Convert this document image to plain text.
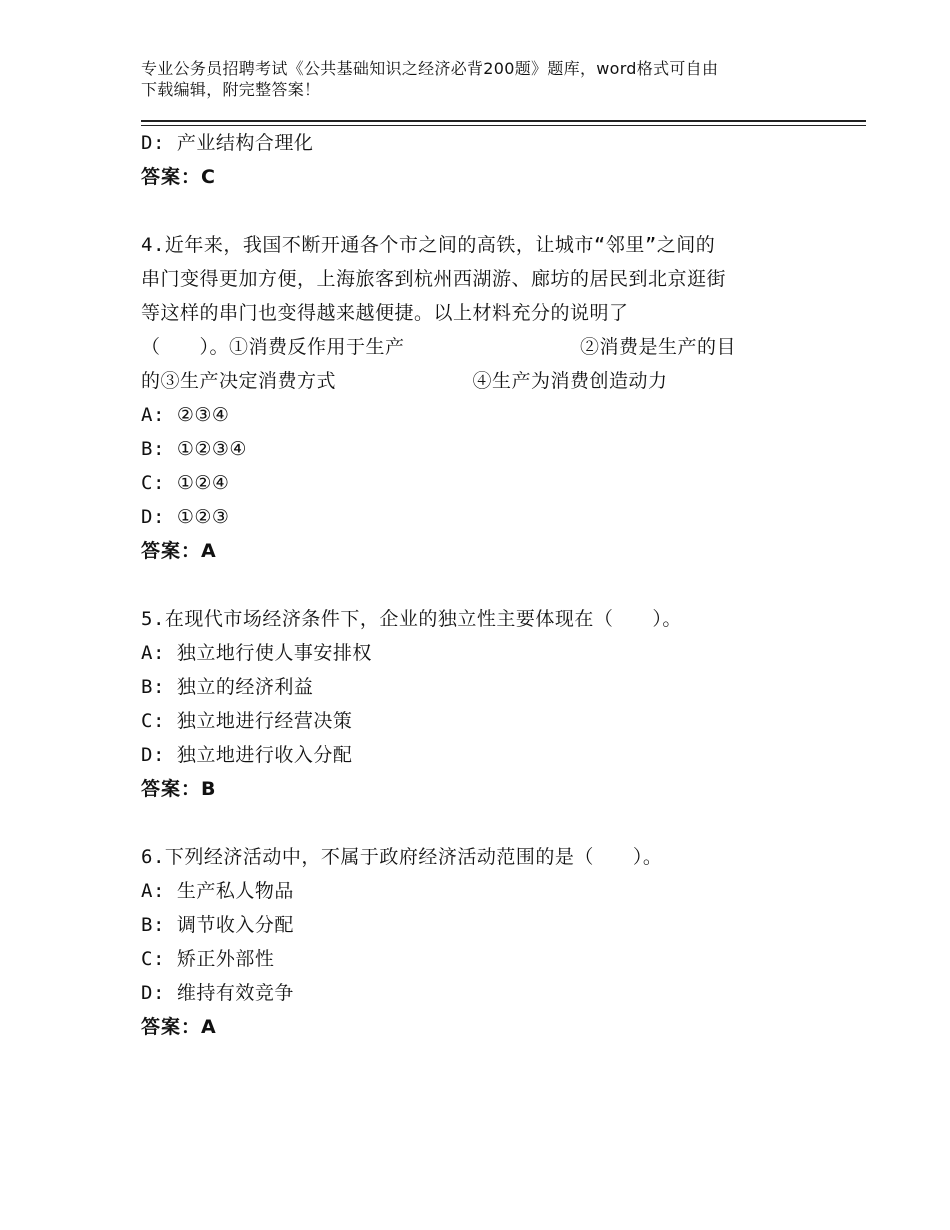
专业公务员招聘考试《公共基础知识之经济必背200题》题库，word格式可自由
下载编辑，附完整答案！
D: 产业结构合理化
答案：C
4.近年来，我国不断开通各个市之间的高铁，让城市“邻里”之间的
串门变得更加方便，上海旅客到杭州西湖游、廊坊的居民到北京逛街
等这样的串门也变得越来越便捷。以上材料充分的说明了
（　　）。①消费反作用于生产　　　　　　　　　②消费是生产的目
的③生产决定消费方式　　　　　　　④生产为消费创造动力
A: ②③④
B: ①②③④
C: ①②④
D: ①②③
答案：A
5.在现代市场经济条件下，企业的独立性主要体现在（　　）。
A: 独立地行使人事安排权
B: 独立的经济利益
C: 独立地进行经营决策
D: 独立地进行收入分配
答案：B
6.下列经济活动中，不属于政府经济活动范围的是（　　）。
A: 生产私人物品
B: 调节收入分配
C: 矫正外部性
D: 维持有效竞争
答案：A
